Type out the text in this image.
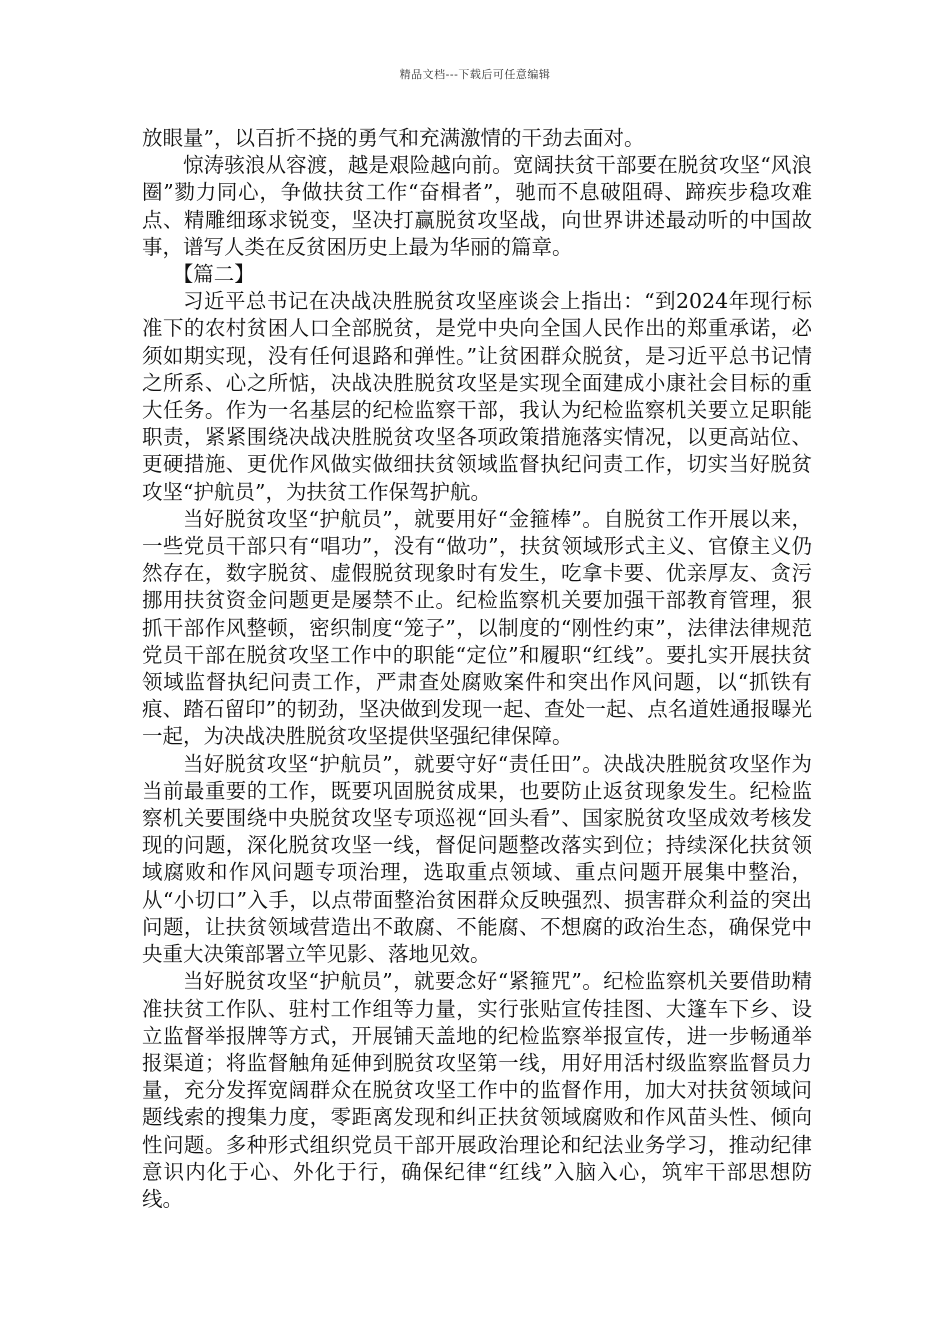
精品文档---下载后可任意编辑

放眼量”，以百折不挠的勇气和充满激情的干劲去面对。

惊涛骇浪从容渡，越是艰险越向前。宽阔扶贫干部要在脱贫攻坚“风浪圈”勠力同心，争做扶贫工作“奋楫者”，驰而不息破阻碍、蹄疾步稳攻难点、精雕细琢求锐变，坚决打赢脱贫攻坚战，向世界讲述最动听的中国故事，谱写人类在反贫困历史上最为华丽的篇章。

【篇二】

习近平总书记在决战决胜脱贫攻坚座谈会上指出：“到2024年现行标准下的农村贫困人口全部脱贫，是党中央向全国人民作出的郑重承诺，必须如期实现，没有任何退路和弹性。”让贫困群众脱贫，是习近平总书记情之所系、心之所惦，决战决胜脱贫攻坚是实现全面建成小康社会目标的重大任务。作为一名基层的纪检监察干部，我认为纪检监察机关要立足职能职责，紧紧围绕决战决胜脱贫攻坚各项政策措施落实情况，以更高站位、更硬措施、更优作风做实做细扶贫领域监督执纪问责工作，切实当好脱贫攻坚“护航员”，为扶贫工作保驾护航。

当好脱贫攻坚“护航员”，就要用好“金箍棒”。自脱贫工作开展以来，一些党员干部只有“唱功”，没有“做功”，扶贫领域形式主义、官僚主义仍然存在，数字脱贫、虚假脱贫现象时有发生，吃拿卡要、优亲厚友、贪污挪用扶贫资金问题更是屡禁不止。纪检监察机关要加强干部教育管理，狠抓干部作风整顿，密织制度“笼子”，以制度的“刚性约束”，法律法律规范党员干部在脱贫攻坚工作中的职能“定位”和履职“红线”。要扎实开展扶贫领域监督执纪问责工作，严肃查处腐败案件和突出作风问题，以“抓铁有痕、踏石留印”的韧劲，坚决做到发现一起、查处一起、点名道姓通报曝光一起，为决战决胜脱贫攻坚提供坚强纪律保障。

当好脱贫攻坚“护航员”，就要守好“责任田”。决战决胜脱贫攻坚作为当前最重要的工作，既要巩固脱贫成果，也要防止返贫现象发生。纪检监察机关要围绕中央脱贫攻坚专项巡视“回头看”、国家脱贫攻坚成效考核发现的问题，深化脱贫攻坚一线，督促问题整改落实到位；持续深化扶贫领域腐败和作风问题专项治理，选取重点领域、重点问题开展集中整治，从“小切口”入手，以点带面整治贫困群众反映强烈、损害群众利益的突出问题，让扶贫领域营造出不敢腐、不能腐、不想腐的政治生态，确保党中央重大决策部署立竿见影、落地见效。

当好脱贫攻坚“护航员”，就要念好“紧箍咒”。纪检监察机关要借助精准扶贫工作队、驻村工作组等力量，实行张贴宣传挂图、大篷车下乡、设立监督举报牌等方式，开展铺天盖地的纪检监察举报宣传，进一步畅通举报渠道；将监督触角延伸到脱贫攻坚第一线，用好用活村级监察监督员力量，充分发挥宽阔群众在脱贫攻坚工作中的监督作用，加大对扶贫领域问题线索的搜集力度，零距离发现和纠正扶贫领域腐败和作风苗头性、倾向性问题。多种形式组织党员干部开展政治理论和纪法业务学习，推动纪律意识内化于心、外化于行，确保纪律“红线”入脑入心，筑牢干部思想防线。
